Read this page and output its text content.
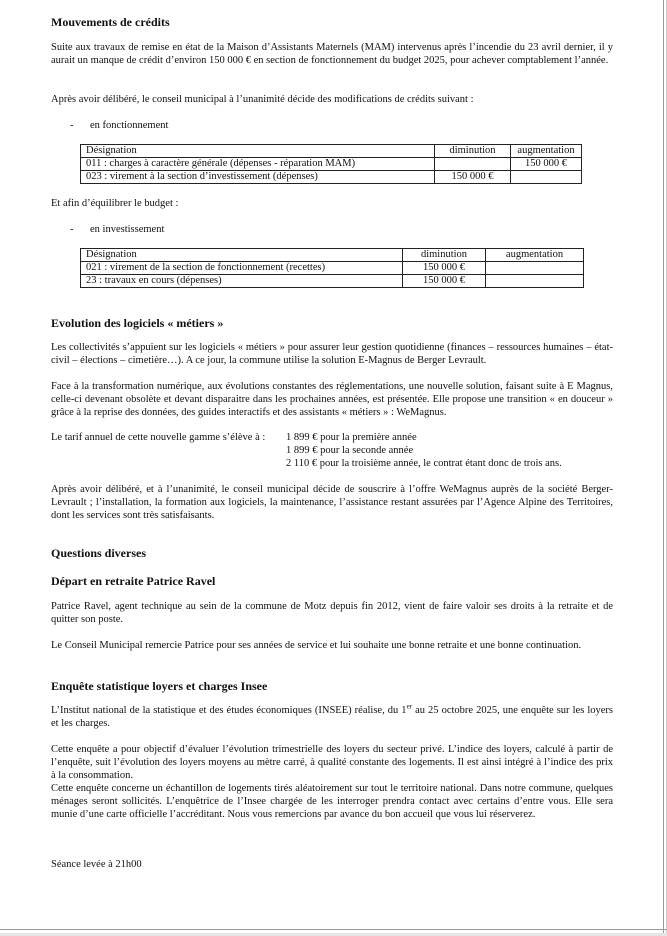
Mouvements de crédits
Suite aux travaux de remise en état de la Maison d’Assistants Maternels (MAM) intervenus après l’incendie du 23 avril dernier, il y aurait un manque de crédit d’environ 150 000 € en section de fonctionnement du budget 2025, pour achever comptablement l’année.
Après avoir délibéré, le conseil municipal à l’unanimité décide des modifications de crédits suivant :
- en fonctionnement
Désignation	diminution	augmentation
011 : charges à caractère générale (dépenses - réparation MAM)		150 000 €
023 : virement à la section d’investissement (dépenses)	150 000 €	
Et afin d’équilibrer le budget :
- en investissement
Désignation	diminution	augmentation
021 : virement de la section de fonctionnement (recettes)	150 000 €	
23 : travaux en cours (dépenses)	150 000 €	
Evolution des logiciels « métiers »
Les collectivités s’appuient sur les logiciels « métiers » pour assurer leur gestion quotidienne (finances – ressources humaines – état-civil – élections – cimetière…). A ce jour, la commune utilise la solution E-Magnus de Berger Levrault.
Face à la transformation numérique, aux évolutions constantes des réglementations, une nouvelle solution, faisant suite à E Magnus, celle-ci devenant obsolète et devant disparaitre dans les prochaines années, est présentée. Elle propose une transition « en douceur » grâce à la reprise des données, des guides interactifs et des assistants « métiers » : WeMagnus.
Le tarif annuel de cette nouvelle gamme s’élève à : 1 899 € pour la première année
1 899 € pour la seconde année
2 110 € pour la troisième année, le contrat étant donc de trois ans.
Après avoir délibéré, et à l’unanimité, le conseil municipal décide de souscrire à l’offre WeMagnus auprès de la société Berger-Levrault ; l’installation, la formation aux logiciels, la maintenance, l’assistance restant assurées par l’Agence Alpine des Territoires, dont les services sont très satisfaisants.
Questions diverses
Départ en retraite Patrice Ravel
Patrice Ravel, agent technique au sein de la commune de Motz depuis fin 2012, vient de faire valoir ses droits à la retraite et de quitter son poste.
Le Conseil Municipal remercie Patrice pour ses années de service et lui souhaite une bonne retraite et une bonne continuation.
Enquête statistique loyers et charges Insee
L’Institut national de la statistique et des études économiques (INSEE) réalise, du 1er au 25 octobre 2025, une enquête sur les loyers et les charges.
Cette enquête a pour objectif d’évaluer l’évolution trimestrielle des loyers du secteur privé. L’indice des loyers, calculé à partir de l’enquête, suit l’évolution des loyers moyens au mètre carré, à qualité constante des logements. Il est ainsi intégré à l’indice des prix à la consommation.
Cette enquête concerne un échantillon de logements tirés aléatoirement sur tout le territoire national. Dans notre commune, quelques ménages seront sollicités. L’enquêtrice de l’Insee chargée de les interroger prendra contact avec certains d’entre vous. Elle sera munie d’une carte officielle l’accréditant. Nous vous remercions par avance du bon accueil que vous lui réserverez.
Séance levée à 21h00
